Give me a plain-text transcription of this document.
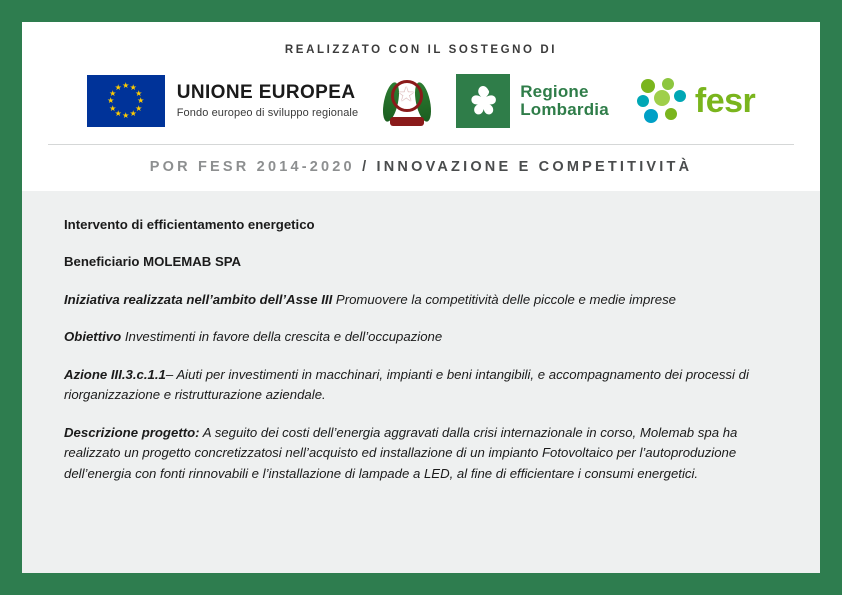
REALIZZATO CON IL SOSTEGNO DI
★ ★
★
★
★
★
★
★
★
★
★
★	UNIONE EUROPEA
Fondo europeo di sviluppo regionale
★	Regione
Lombardia	fesr
POR FESR 2014-2020 / INNOVAZIONE E COMPETITIVITÀ
Intervento di efficientamento energetico
Beneficiario MOLEMAB SPA
Iniziativa realizzata nell’ambito dell’Asse III Promuovere la competitività delle piccole e medie imprese
Obiettivo Investimenti in favore della crescita e dell’occupazione
Azione III.3.c.1.1– Aiuti per investimenti in macchinari, impianti e beni intangibili, e accompagnamento dei processi di riorganizzazione e ristrutturazione aziendale.
Descrizione progetto: A seguito dei costi dell’energia aggravati dalla crisi internazionale in corso, Molemab spa ha realizzato un progetto concretizzatosi nell’acquisto ed installazione di un impianto Fotovoltaico per l’autoproduzione dell’energia con fonti rinnovabili e l’installazione di lampade a LED, al fine di efficientare i consumi energetici.
